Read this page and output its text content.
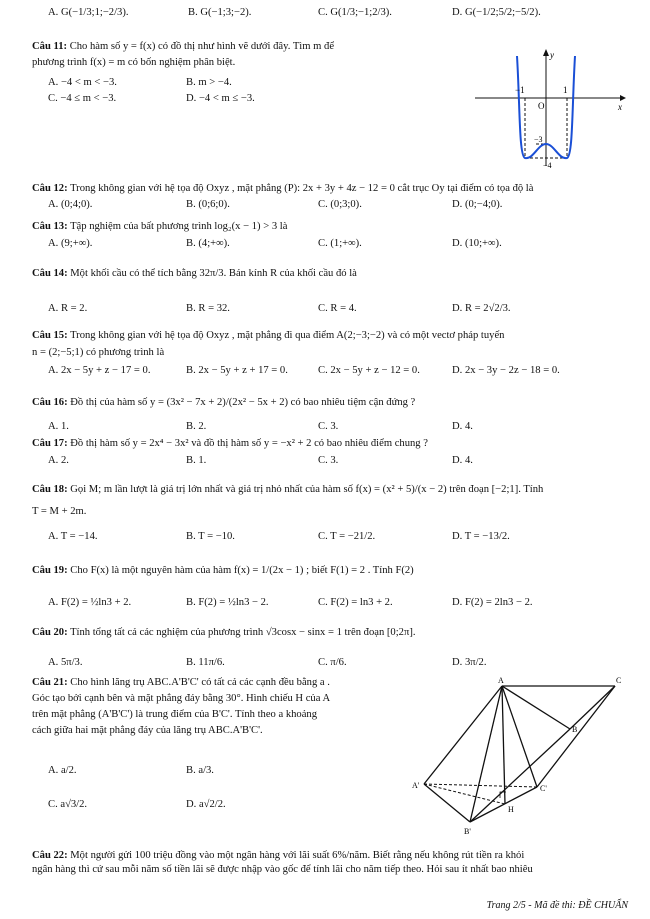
A. G(−1/3;1;−2/3).	B. G(−1;3;−2).	C. G(1/3;−1;2/3).	D. G(−1/2;5/2;−5/2).
Câu 11: Cho hàm số y = f(x) có đồ thị như hình vẽ dưới đây. Tìm m để
phương trình f(x) = m có bốn nghiệm phân biệt.
A. −4 < m < −3.	B. m > −4.
C. −4 ≤ m < −3.	D. −4 < m ≤ −3.
y
x
O
−1	1
−3
−4
Câu 12: Trong không gian với hệ tọa độ Oxyz , mặt phẳng (P): 2x + 3y + 4z − 12 = 0 cắt trục Oy tại điểm có tọa độ là
A. (0;4;0).	B. (0;6;0).	C. (0;3;0).	D. (0;−4;0).
Câu 13: Tập nghiệm của bất phương trình log₂(x − 1) > 3 là
A. (9;+∞).	B. (4;+∞).	C. (1;+∞).	D. (10;+∞).
Câu 14: Một khối cầu có thể tích bằng 32π/3. Bán kính R của khối cầu đó là
A. R = 2.	B. R = 32.	C. R = 4.	D. R = 2√2/3.
Câu 15: Trong không gian với hệ tọa độ Oxyz , mặt phẳng đi qua điểm A(2;−3;−2) và có một vectơ pháp tuyến
n = (2;−5;1) có phương trình là
A. 2x − 5y + z − 17 = 0.	B. 2x − 5y + z + 17 = 0.	C. 2x − 5y + z − 12 = 0.	D. 2x − 3y − 2z − 18 = 0.
Câu 16: Đồ thị của hàm số y = (3x² − 7x + 2)/(2x² − 5x + 2) có bao nhiêu tiệm cận đứng ?
A. 1.	B. 2.	C. 3.	D. 4.
Câu 17: Đồ thị hàm số y = 2x⁴ − 3x² và đồ thị hàm số y = −x² + 2 có bao nhiêu điểm chung ?
A. 2.	B. 1.	C. 3.	D. 4.
Câu 18: Gọi M; m lần lượt là giá trị lớn nhất và giá trị nhỏ nhất của hàm số f(x) = (x² + 5)/(x − 2) trên đoạn [−2;1]. Tính
T = M + 2m.
A. T = −14.	B. T = −10.	C. T = −21/2.	D. T = −13/2.
Câu 19: Cho F(x) là một nguyên hàm của hàm f(x) = 1/(2x − 1) ; biết F(1) = 2 . Tính F(2)
A. F(2) = ½ln3 + 2.	B. F(2) = ½ln3 − 2.	C. F(2) = ln3 + 2.	D. F(2) = 2ln3 − 2.
Câu 20: Tính tổng tất cả các nghiệm của phương trình √3cosx − sinx = 1 trên đoạn [0;2π].
A. 5π/3.	B. 11π/6.	C. π/6.	D. 3π/2.
Câu 21: Cho hình lăng trụ ABC.A'B'C' có tất cả các cạnh đều bằng a .
Góc tạo bởi cạnh bên và mặt phẳng đáy bằng 30°. Hình chiếu H của A
trên mặt phẳng (A'B'C') là trung điểm của B'C'. Tính theo a khoảng
cách giữa hai mặt phẳng đáy của lăng trụ ABC.A'B'C'.
A. a/2.	B. a/3.
C. a√3/2.	D. a√2/2.
A	C
B
A'	C'
B'
H
Câu 22: Một người gửi 100 triệu đồng vào một ngân hàng với lãi suất 6%/năm. Biết rằng nếu không rút tiền ra khỏi
ngân hàng thì cứ sau mỗi năm số tiền lãi sẽ được nhập vào gốc để tính lãi cho năm tiếp theo. Hỏi sau ít nhất bao nhiêu
Trang 2/5 - Mã đề thi: ĐỀ CHUẨN
